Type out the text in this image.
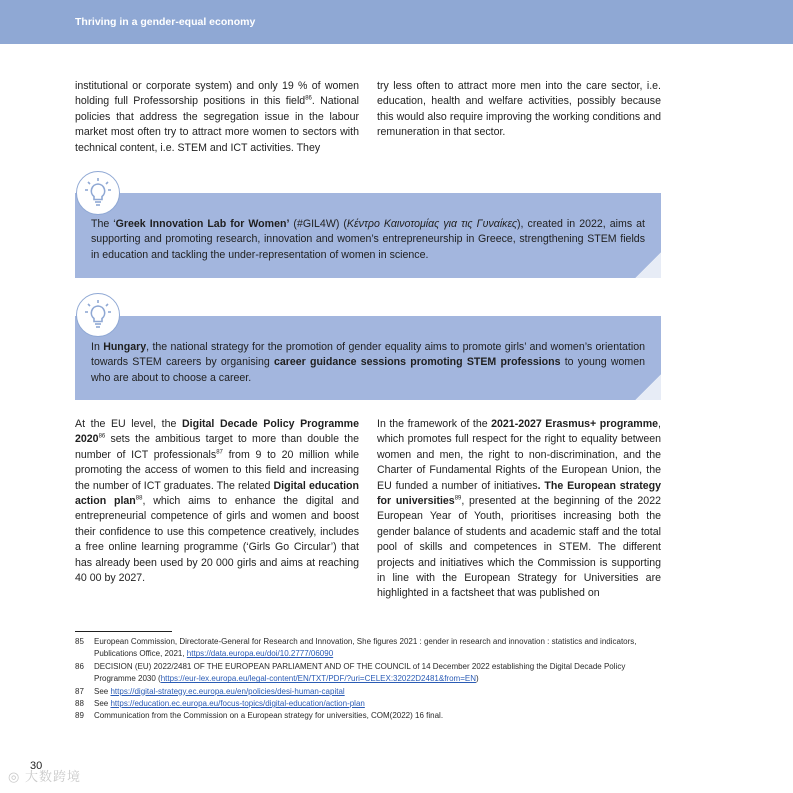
Thriving in a gender-equal economy

institutional or corporate system) and only 19 % of women holding full Professorship positions in this field$^{86}$. National policies that address the segregation issue in the labour market most often try to attract more women to sectors with technical content, i.e. STEM and ICT activities. They

try less often to attract more men into the care sector, i.e. education, health and welfare activities, possibly because this would also require improving the working conditions and remuneration in that sector.

The ‘Greek Innovation Lab for Women’ (#GIL4W) (Κέντρο Καινοτομίας για τις Γυναίκες), created in 2022, aims at supporting and promoting research, innovation and women’s entrepreneurship in Greece, strengthening STEM fields in education and tackling the under-representation of women in science.
In Hungary, the national strategy for the promotion of gender equality aims to promote girls’ and women’s orientation towards STEM careers by organising career guidance sessions promoting STEM professions to young women who are about to choose a career.

At the EU level, the Digital Decade Policy Programme 2020$^{86}$ sets the ambitious target to more than double the number of ICT professionals$^{87}$ from 9 to 20 million while promoting the access of women to this field and increasing the number of ICT graduates. The related Digital education action plan$^{88}$, which aims to enhance the digital and entrepreneurial competence of girls and women and boost their confidence to use this competence creatively, includes a free online learning programme (‘Girls Go Circular’) that has already been used by 20 000 girls and aims at reaching 40 00 by 2027.

In the framework of the 2021-2027 Erasmus+ programme, which promotes full respect for the right to equality between women and men, the right to non-discrimination, and the Charter of Fundamental Rights of the European Union, the EU funded a number of initiatives. The European strategy for universities$^{89}$, presented at the beginning of the 2022 European Year of Youth, prioritises increasing both the gender balance of students and academic staff and the total pool of skills and competences in STEM. The different projects and initiatives which the Commission is supporting in line with the European Strategy for Universities are highlighted in a factsheet that was published on

85	European Commission, Directorate-General for Research and Innovation, She figures 2021 : gender in research and innovation : statistics and indicators, Publications Office, 2021, https://data.europa.eu/doi/10.2777/06090
86	DECISION (EU) 2022/2481 OF THE EUROPEAN PARLIAMENT AND OF THE COUNCIL of 14 December 2022 establishing the Digital Decade Policy Programme 2030 (https://eur-lex.europa.eu/legal-content/EN/TXT/PDF/?uri=CELEX:32022D2481&from=EN)
87	See https://digital-strategy.ec.europa.eu/en/policies/desi-human-capital
88	See https://education.ec.europa.eu/focus-topics/digital-education/action-plan
89	Communication from the Commission on a European strategy for universities, COM(2022) 16 final.
30
◎ 大数跨境
